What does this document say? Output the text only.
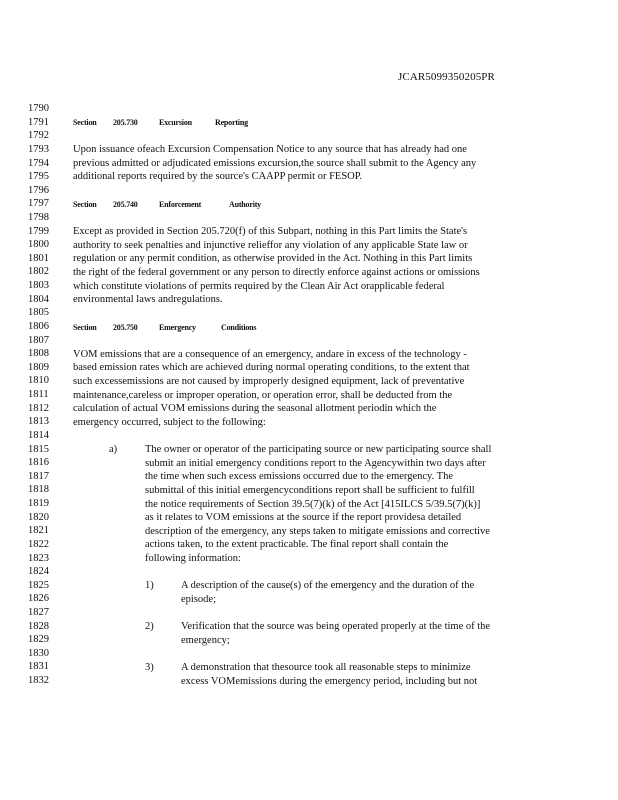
JCAR5099350205PR
1790
1791
1792
1793
1794
1795
1796
1797
1798
1799
1800
1801
1802
1803
1804
1805
1806
1807
1808
1809
1810
1811
1812
1813
1814
1815
1816
1817
1818
1819
1820
1821
1822
1823
1824
1825
1826
1827
1828
1829
1830
1831
1832
Section 205.730	Excursion	Reporting
Upon issuance ofeach Excursion Compensation Notice to any source that has already had one
previous admitted or adjudicated emissions excursion,the source shall submit to the Agency any
additional reports required by the source's CAAPP permit or FESOP.
Section 205.740	Enforcement	Authority
Except as provided in Section 205.720(f) of this Subpart, nothing in this Part limits the State's
authority to seek penalties and injunctive relieffor any violation of any applicable State law or
regulation or any permit condition, as otherwise provided in the Act. Nothing in this Part limits
the right of the federal government or any person to directly enforce against actions or omissions
which constitute violations of permits required by the Clean Air Act orapplicable federal
environmental laws andregulations.
Section 205.750	Emergency	Conditions
VOM emissions that are a consequence of an emergency, andare in excess of the technology -
based emission rates which are achieved during normal operating conditions, to the extent that
such excessemissions are not caused by improperly designed equipment, lack of preventative
maintenance,careless or improper operation, or operation error, shall be deducted from the
calculation of actual VOM emissions during the seasonal allotment periodin which the
emergency occurred, subject to the following:
a)	The owner or operator of the participating source or new participating source shall
submit an initial emergency conditions report to the Agencywithin two days after
the time when such excess emissions occurred due to the emergency. The
submittal of this initial emergencyconditions report shall be sufficient to fulfill
the notice requirements of Section 39.5(7)(k) of the Act [415ILCS 5/39.5(7)(k)]
as it relates to VOM emissions at the source if the report providesa detailed
description of the emergency, any steps taken to mitigate emissions and corrective
actions taken, to the extent practicable. The final report shall contain the
following information:
1)	A description of the cause(s) of the emergency and the duration of the
episode;
2)	Verification that the source was being operated properly at the time of the
emergency;
3)	A demonstration that thesource took all reasonable steps to minimize
excess VOMemissions during the emergency period, including but not
